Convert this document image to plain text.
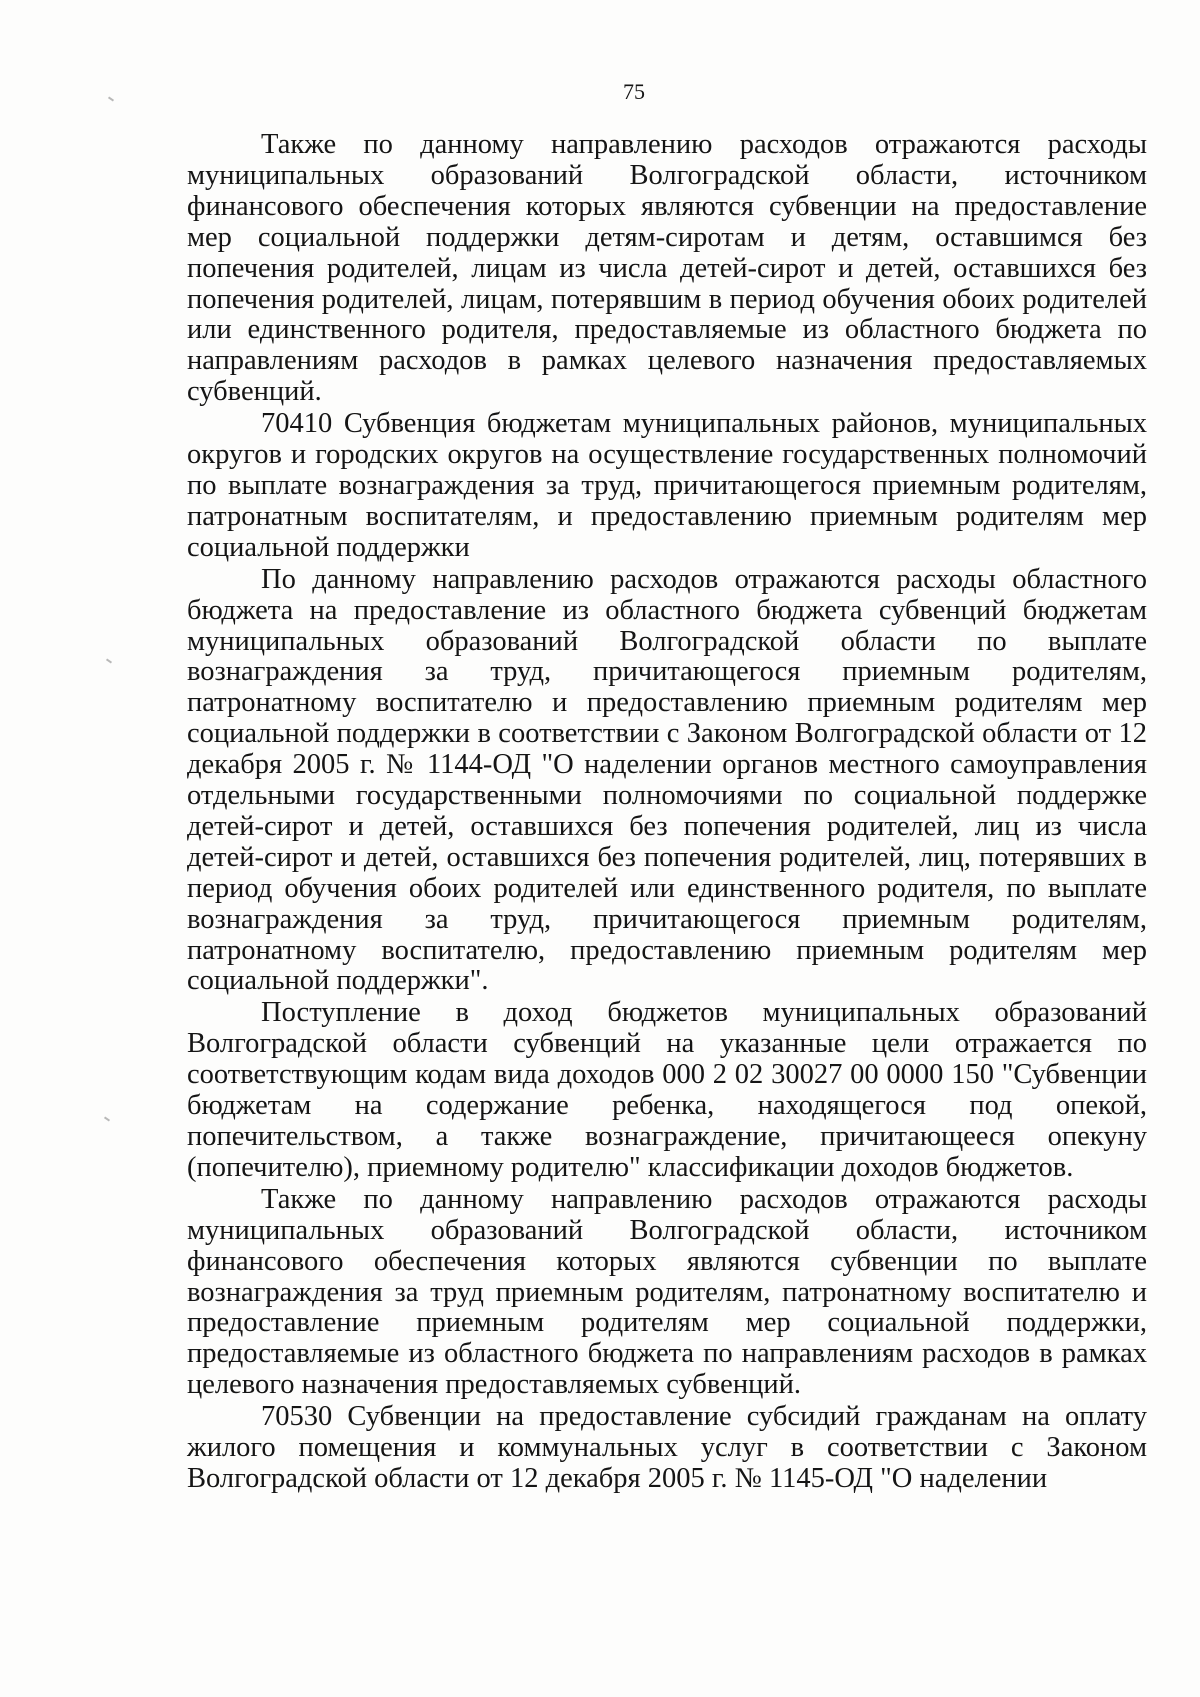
75

Также по данному направлению расходов отражаются расходы муниципальных образований Волгоградской области, источником финансового обеспечения которых являются субвенции на предоставление мер социальной поддержки детям-сиротам и детям, оставшимся без попечения родителей, лицам из числа детей-сирот и детей, оставшихся без попечения родителей, лицам, потерявшим в период обучения обоих родителей или единственного родителя, предоставляемые из областного бюджета по направлениям расходов в рамках целевого назначения предоставляемых субвенций.

70410 Субвенция бюджетам муниципальных районов, муниципальных округов и городских округов на осуществление государственных полномочий по выплате вознаграждения за труд, причитающегося приемным родителям, патронатным воспитателям, и предоставлению приемным родителям мер социальной поддержки

По данному направлению расходов отражаются расходы областного бюджета на предоставление из областного бюджета субвенций бюджетам муниципальных образований Волгоградской области по выплате вознаграждения за труд, причитающегося приемным родителям, патронатному воспитателю и предоставлению приемным родителям мер социальной поддержки в соответствии с Законом Волгоградской области от 12 декабря 2005 г. № 1144-ОД "О наделении органов местного самоуправления отдельными государственными полномочиями по социальной поддержке детей-сирот и детей, оставшихся без попечения родителей, лиц из числа детей-сирот и детей, оставшихся без попечения родителей, лиц, потерявших в период обучения обоих родителей или единственного родителя, по выплате вознаграждения за труд, причитающегося приемным родителям, патронатному воспитателю, предоставлению приемным родителям мер социальной поддержки".

Поступление в доход бюджетов муниципальных образований Волгоградской области субвенций на указанные цели отражается по соответствующим кодам вида доходов 000 2 02 30027 00 0000 150 "Субвенции бюджетам на содержание ребенка, находящегося под опекой, попечительством, а также вознаграждение, причитающееся опекуну (попечителю), приемному родителю" классификации доходов бюджетов.

Также по данному направлению расходов отражаются расходы муниципальных образований Волгоградской области, источником финансового обеспечения которых являются субвенции по выплате вознаграждения за труд приемным родителям, патронатному воспитателю и предоставление приемным родителям мер социальной поддержки, предоставляемые из областного бюджета по направлениям расходов в рамках целевого назначения предоставляемых субвенций.

70530 Субвенции на предоставление субсидий гражданам на оплату жилого помещения и коммунальных услуг в соответствии с Законом Волгоградской области от 12 декабря 2005 г. № 1145-ОД "О наделении
